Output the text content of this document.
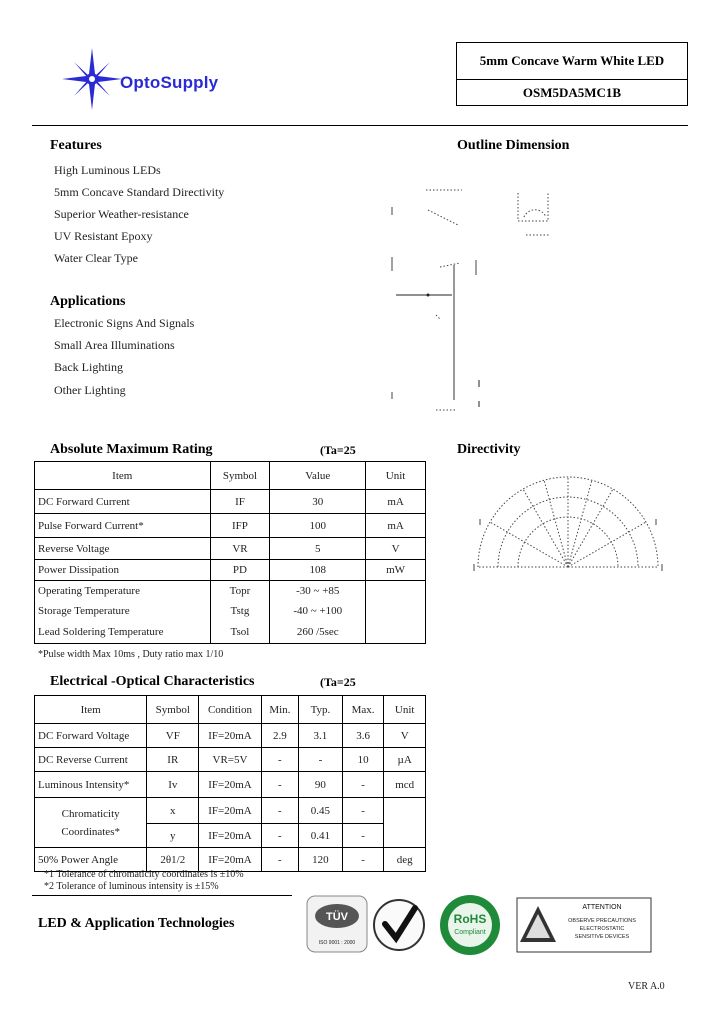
OptoSupply
5mm Concave Warm White LED
OSM5DA5MC1B
Features
High Luminous LEDs
5mm Concave Standard Directivity
Superior Weather-resistance
UV Resistant Epoxy
Water Clear Type
Applications
Electronic Signs And Signals
Small Area Illuminations
Back Lighting
Other Lighting
Outline Dimension
Absolute Maximum Rating	(Ta=25
Item	Symbol	Value	Unit
DC Forward Current	IF	30	mA
Pulse Forward Current*	IFP	100	mA
Reverse Voltage	VR	5	V
Power Dissipation	PD	108	mW
Operating Temperature	Topr	-30 ~ +85	
Storage Temperature	Tstg	-40 ~ +100	
Lead Soldering Temperature	Tsol	260 /5sec	
*Pulse width Max 10ms , Duty ratio max 1/10
Directivity
Electrical -Optical Characteristics	(Ta=25
Item	Symbol	Condition	Min.	Typ.	Max.	Unit
DC Forward Voltage	VF	IF=20mA	2.9	3.1	3.6	V
DC Reverse Current	IR	VR=5V	-	-	10	µA
Luminous Intensity*	Iv	IF=20mA	-	90	-	mcd
Chromaticity Coordinates*	x	IF=20mA	-	0.45	-	
	y	IF=20mA	-	0.41	-	
50% Power Angle	2θ1/2	IF=20mA	-	120	-	deg
*1 Tolerance of chromaticity coordinates is ±10%
*2 Tolerance of luminous intensity is ±15%
LED & Application Technologies	TÜV
ISO 9001 : 2000
RoHS
Compliant
ATTENTION
OBSERVE PRECAUTIONS
ELECTROSTATIC
SENSITIVE DEVICES
VER A.0
